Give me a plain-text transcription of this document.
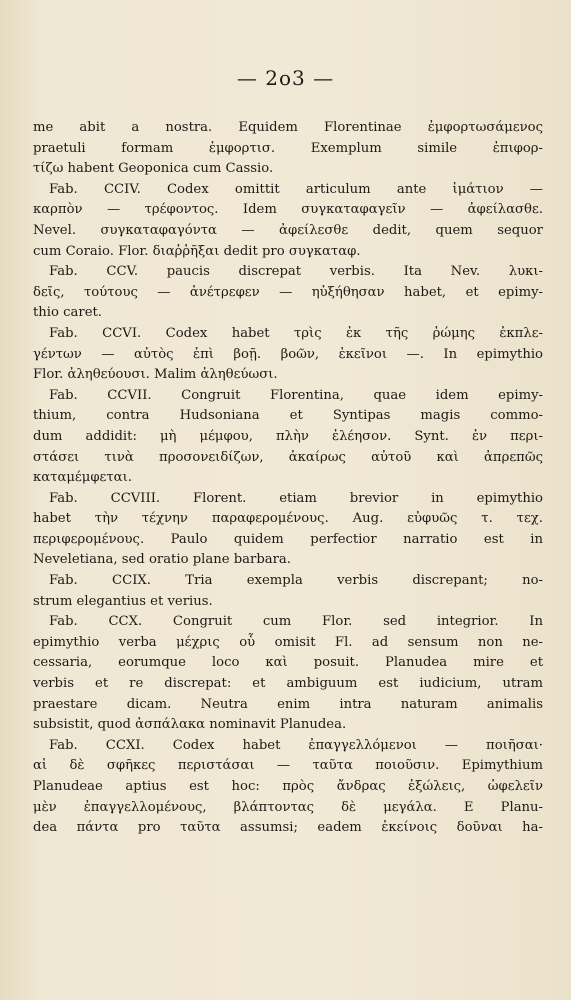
— 2o3 —
me abit a nostra. Equidem Florentinae ἐμφορτωσάμενος
praetuli formam ἐμφορτισ. Exemplum simile ἐπιφορ-
τίζω habent Geoponica cum Cassio.
Fab. CCIV. Codex omittit articulum ante ἱμάτιον —
καρπὸν — τρέφοντος. Idem συγκαταφαγεῖν — ἀφείλασθε.
Nevel. συγκαταφαγόντα — ἀφείλεσθε dedit, quem sequor
cum Coraio. Flor. διαῤῥῆξαι dedit pro συγκαταφ.
Fab. CCV. paucis discrepat verbis. Ita Nev. λυκι-
δεῖς, τούτους — ἀνέτρεφεν — ηὐξήθησαν habet, et epimy-
thio caret.
Fab. CCVI. Codex habet τρὶς ἐκ τῆς ῥώμης ἐκπλε-
γέντων — αὐτὸς ἐπὶ βοῇ. βοῶν, ἐκεῖνοι —. In epimythio
Flor. ἀληθεύουσι. Malim ἀληθεύωσι.
Fab. CCVII. Congruit Florentina, quae idem epimy-
thium, contra Hudsoniana et Syntipas magis commo-
dum addidit: μὴ μέμφου, πλὴν ἐλέησον. Synt. ἐν περι-
στάσει τινὰ προσονειδίζων, ἀκαίρως αὐτοῦ καὶ ἀπρεπῶς
καταμέμφεται.
Fab. CCVIII. Florent. etiam brevior in epimythio
habet τὴν τέχνην παραφερομένους. Aug. εὐφυῶς τ. τεχ.
περιφερομένους. Paulo quidem perfectior narratio est in
Neveletiana, sed oratio plane barbara.
Fab. CCIX. Tria exempla verbis discrepant; no-
strum elegantius et verius.
Fab. CCX. Congruit cum Flor. sed integrior. In
epimythio verba μέχρις οὗ omisit Fl. ad sensum non ne-
cessaria, eorumque loco καὶ posuit. Planudea mire et
verbis et re discrepat: et ambiguum est iudicium, utram
praestare dicam. Neutra enim intra naturam animalis
subsistit, quod ἀσπάλακα nominavit Planudea.
Fab. CCXI. Codex habet ἐπαγγελλόμενοι — ποιῆσαι·
αἱ δὲ σφῆκες περιστάσαι — ταῦτα ποιοῦσιν. Epimythium
Planudeae aptius est hoc: πρὸς ἄνδρας ἐξώλεις, ὠφελεῖν
μὲν ἐπαγγελλομένους, βλάπτοντας δὲ μεγάλα. E Planu-
dea πάντα pro ταῦτα assumsi; eadem ἐκείνοις δοῦναι ha-
